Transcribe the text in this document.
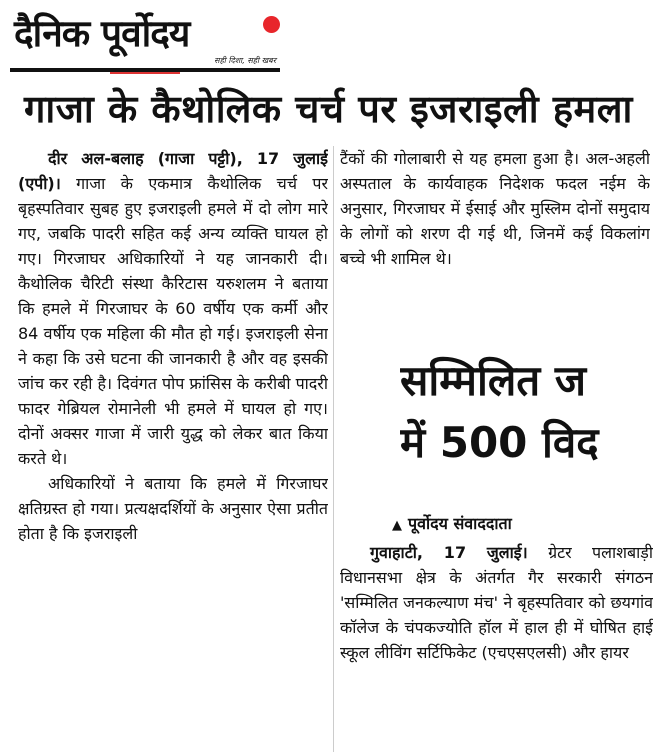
दैनिक पूर्वोदय
सही दिशा, सही खबर
गाजा के कैथोलिक चर्च पर इजराइली हमला

दीर अल-बलाह (गाजा पट्टी), 17 जुलाई (एपी)। गाजा के एकमात्र कैथोलिक चर्च पर बृहस्पतिवार सुबह हुए इजराइली हमले में दो लोग मारे गए, जबकि पादरी सहित कई अन्य व्यक्ति घायल हो गए। गिरजाघर अधिकारियों ने यह जानकारी दी। कैथोलिक चैरिटी संस्था कैरिटास यरुशलम ने बताया कि हमले में गिरजाघर के 60 वर्षीय एक कर्मी और 84 वर्षीय एक महिला की मौत हो गई। इजराइली सेना ने कहा कि उसे घटना की जानकारी है और वह इसकी जांच कर रही है। दिवंगत पोप फ्रांसिस के करीबी पादरी फादर गेब्रियल रोमानेली भी हमले में घायल हो गए। दोनों अक्सर गाजा में जारी युद्ध को लेकर बात किया करते थे।

अधिकारियों ने बताया कि हमले में गिरजाघर क्षतिग्रस्त हो गया। प्रत्यक्षदर्शियों के अनुसार ऐसा प्रतीत होता है कि इजराइली

टैंकों की गोलाबारी से यह हमला हुआ है। अल-अहली अस्पताल के कार्यवाहक निदेशक फदल नईम के अनुसार, गिरजाघर में ईसाई और मुस्लिम दोनों समुदाय के लोगों को शरण दी गई थी, जिनमें कई विकलांग बच्चे भी शामिल थे।

सम्मिलित ज
में 500 विद
▲ पूर्वोदय संवाददाता

गुवाहाटी, 17 जुलाई। ग्रेटर पलाशबाड़ी विधानसभा क्षेत्र के अंतर्गत गैर सरकारी संगठन 'सम्मिलित जनकल्याण मंच' ने बृहस्पतिवार को छयगांव कॉलेज के चंपकज्योति हॉल में हाल ही में घोषित हाई स्कूल लीविंग सर्टिफिकेट (एचएसएलसी) और हायर
